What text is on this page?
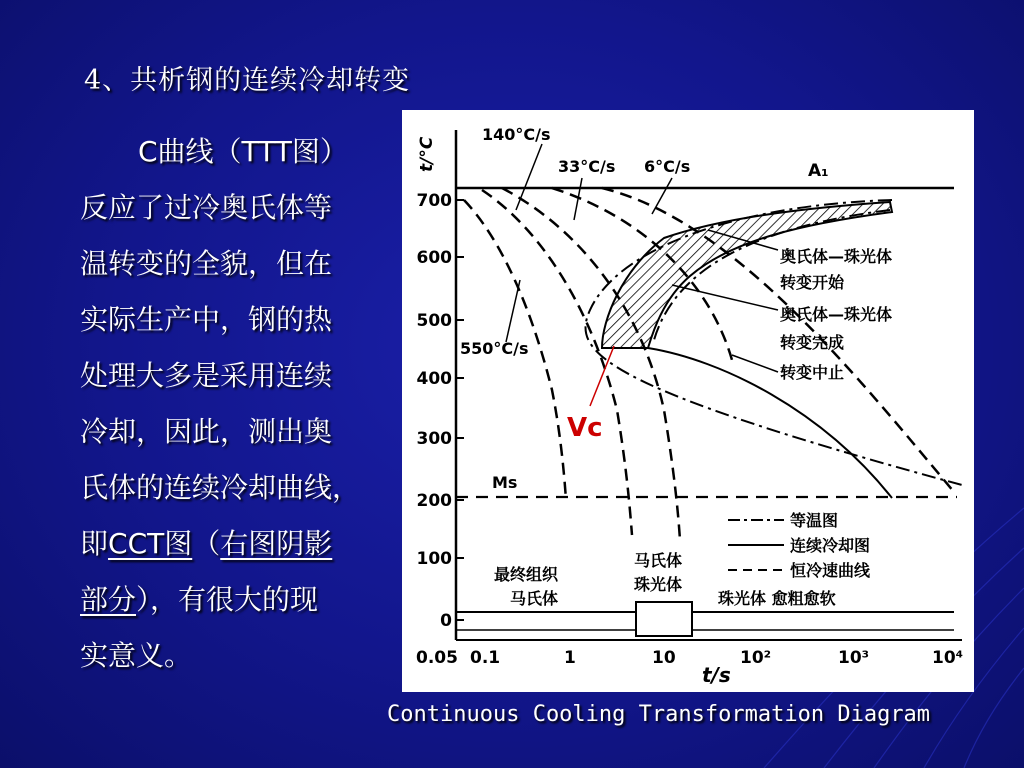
4、共析钢的连续冷却转变
C曲线（TTT图）
反应了过冷奥氏体等
温转变的全貌，但在
实际生产中，钢的热
处理大多是采用连续
冷却，因此，测出奥
氏体的连续冷却曲线，
即CCT图（右图阴影
部分），有很大的现
实意义。
700
600
500
400
300
200
100
0
t/°C
0.05 0.1	1	10	10²	10³	10⁴
t/s
A₁
Ms
140°C/s
33°C/s 6°C/s
550°C/s
Vc
奥氏体—珠光体
转变开始
奥氏体—珠光体
转变完成
转变中止
等温图
连续冷却图
恒冷速曲线
最终组织
马氏体
马氏体
珠光体
珠光体 愈粗愈软
Continuous Cooling Transformation Diagram
